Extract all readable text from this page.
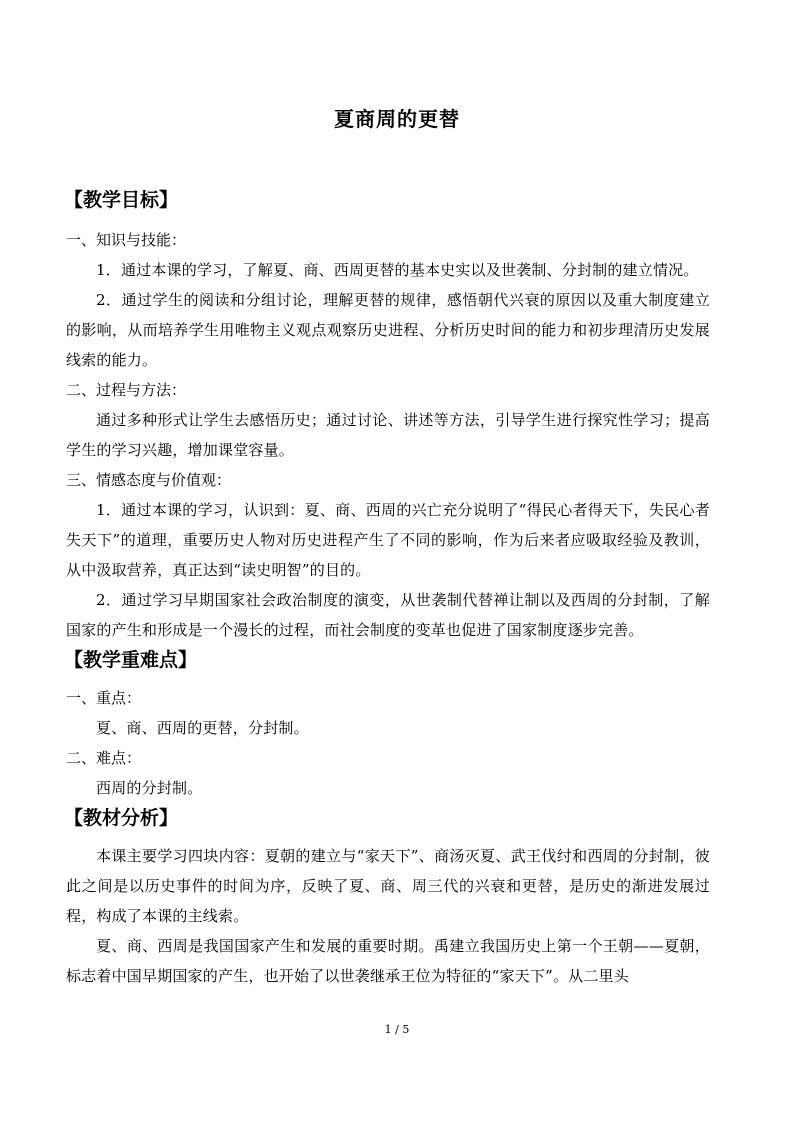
夏商周的更替

【教学目标】

一、知识与技能：

1．通过本课的学习，了解夏、商、西周更替的基本史实以及世袭制、分封制的建立情况。

2．通过学生的阅读和分组讨论，理解更替的规律，感悟朝代兴衰的原因以及重大制度建立的影响，从而培养学生用唯物主义观点观察历史进程、分析历史时间的能力和初步理清历史发展线索的能力。

二、过程与方法：

通过多种形式让学生去感悟历史；通过讨论、讲述等方法，引导学生进行探究性学习；提高学生的学习兴趣，增加课堂容量。

三、情感态度与价值观：

1．通过本课的学习，认识到：夏、商、西周的兴亡充分说明了“得民心者得天下，失民心者失天下”的道理，重要历史人物对历史进程产生了不同的影响，作为后来者应吸取经验及教训，从中汲取营养，真正达到“读史明智”的目的。

2．通过学习早期国家社会政治制度的演变，从世袭制代替禅让制以及西周的分封制，了解国家的产生和形成是一个漫长的过程，而社会制度的变革也促进了国家制度逐步完善。

【教学重难点】

一、重点：

夏、商、西周的更替，分封制。

二、难点：

西周的分封制。

【教材分析】

本课主要学习四块内容：夏朝的建立与“家天下”、商汤灭夏、武王伐纣和西周的分封制，彼此之间是以历史事件的时间为序，反映了夏、商、周三代的兴衰和更替，是历史的渐进发展过程，构成了本课的主线索。

夏、商、西周是我国国家产生和发展的重要时期。禹建立我国历史上第一个王朝——夏朝，标志着中国早期国家的产生，也开始了以世袭继承王位为特征的“家天下”。从二里头

1 / 5
